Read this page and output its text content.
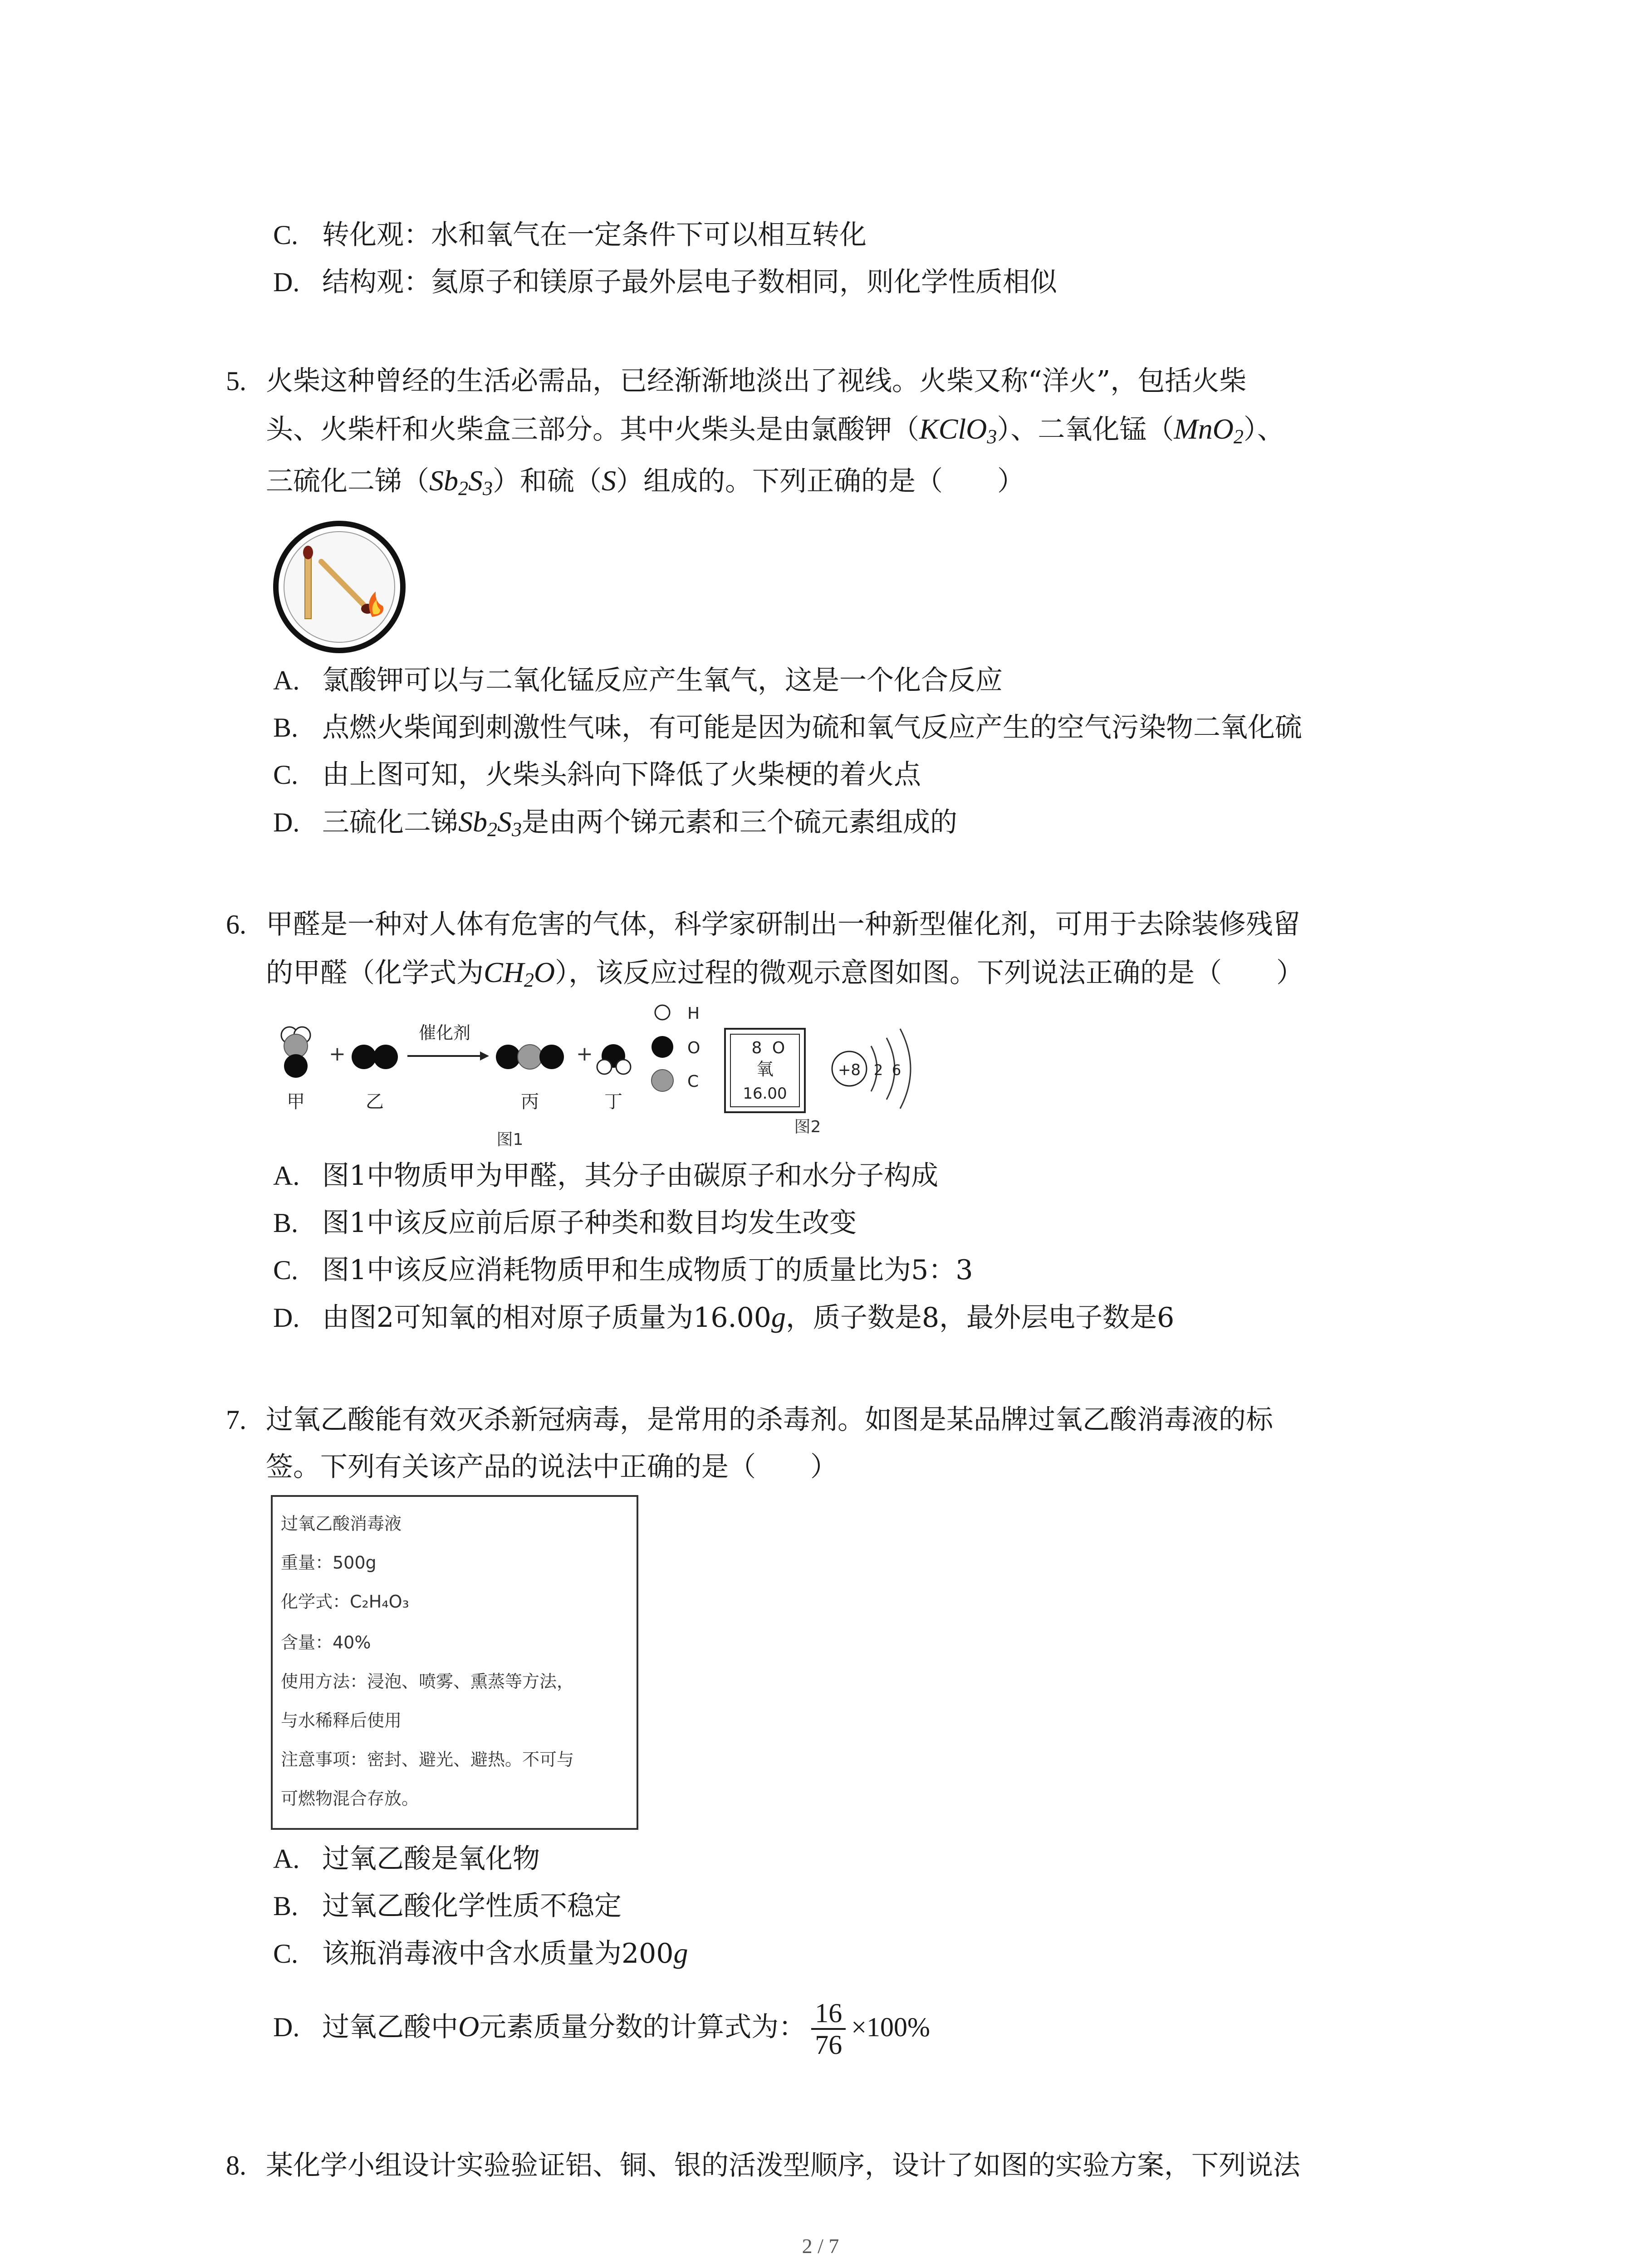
C. 转化观：水和氧气在一定条件下可以相互转化
D. 结构观：氦原子和镁原子最外层电子数相同，则化学性质相似
5. 火柴这种曾经的生活必需品，已经渐渐地淡出了视线。火柴又称“洋火”，包括火柴
头、火柴杆和火柴盒三部分。其中火柴头是由氯酸钾（KClO$_3$）、二氧化锰（MnO$_2$）、
三硫化二锑$(Sb_2S_3)$和硫（S）组成的。下列正确的是（　　）
A. 氯酸钾可以与二氧化锰反应产生氧气，这是一个化合反应
B. 点燃火柴闻到刺激性气味，有可能是因为硫和氧气反应产生的空气污染物二氧化硫
C. 由上图可知，火柴头斜向下降低了火柴梗的着火点
D. 三硫化二锑$Sb_2S_3$是由两个锑元素和三个硫元素组成的
6. 甲醛是一种对人体有危害的气体，科学家研制出一种新型催化剂，可用于去除装修残留
的甲醛（化学式为$CH_2O$），该反应过程的微观示意图如图。下列说法正确的是（　　）
+
催化剂
+
甲	乙	丙	丁
图1
H
O
C
8 O
氧
16.00
+8 2 6
图2
A. 图1中物质甲为甲醛，其分子由碳原子和水分子构成
B. 图1中该反应前后原子种类和数目均发生改变
C. 图1中该反应消耗物质甲和生成物质丁的质量比为5：3
D. 由图2可知氧的相对原子质量为16.00g，质子数是8，最外层电子数是6
7. 过氧乙酸能有效灭杀新冠病毒，是常用的杀毒剂。如图是某品牌过氧乙酸消毒液的标
签。下列有关该产品的说法中正确的是（　　）
过氧乙酸消毒液
重量：500g
化学式：C₂H₄O₃
含量：40%
使用方法：浸泡、喷雾、熏蒸等方法，
与水稀释后使用
注意事项：密封、避光、避热。不可与
可燃物混合存放。
A. 过氧乙酸是氧化物
B. 过氧乙酸化学性质不稳定
C. 该瓶消毒液中含水质量为200g
D. 过氧乙酸中O元素质量分数的计算式为： $\frac{16}{76} \times 100\%$
8. 某化学小组设计实验验证铝、铜、银的活泼型顺序，设计了如图的实验方案，下列说法
2 / 7
